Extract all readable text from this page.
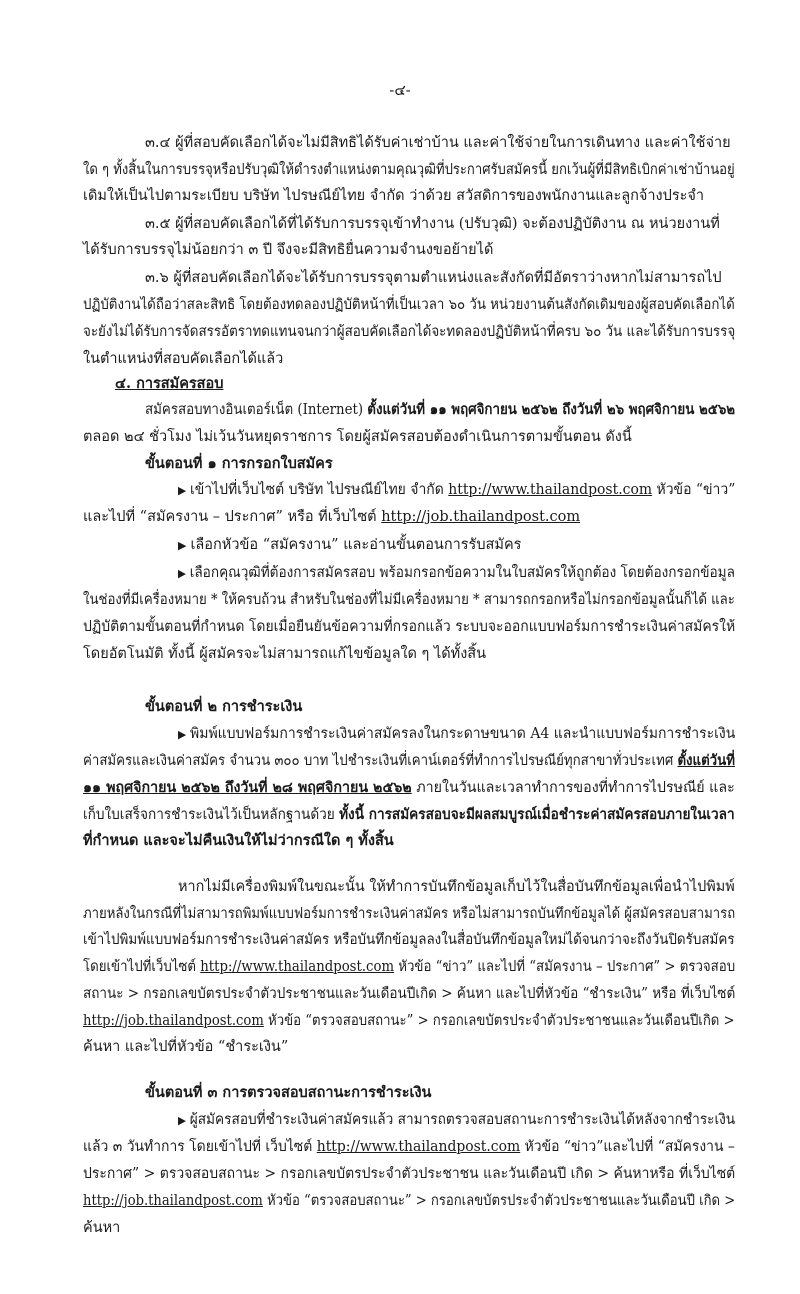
-๔-
๓.๔ ผู้ที่สอบคัดเลือกได้จะไม่มีสิทธิได้รับค่าเช่าบ้าน และค่าใช้จ่ายในการเดินทาง และค่าใช้จ่าย
ใด ๆ ทั้งสิ้นในการบรรจุหรือปรับวุฒิให้ดำรงตำแหน่งตามคุณวุฒิที่ประกาศรับสมัครนี้ ยกเว้นผู้ที่มีสิทธิเบิกค่าเช่าบ้านอยู่
เดิมให้เป็นไปตามระเบียบ บริษัท ไปรษณีย์ไทย จำกัด ว่าด้วย สวัสดิการของพนักงานและลูกจ้างประจำ
๓.๕ ผู้ที่สอบคัดเลือกได้ที่ได้รับการบรรจุเข้าทำงาน (ปรับวุฒิ) จะต้องปฏิบัติงาน ณ หน่วยงานที่
ได้รับการบรรจุไม่น้อยกว่า ๓ ปี จึงจะมีสิทธิยื่นความจำนงขอย้ายได้
๓.๖ ผู้ที่สอบคัดเลือกได้จะได้รับการบรรจุตามตำแหน่งและสังกัดที่มีอัตราว่างหากไม่สามารถไป
ปฏิบัติงานได้ถือว่าสละสิทธิ โดยต้องทดลองปฏิบัติหน้าที่เป็นเวลา ๖๐ วัน หน่วยงานต้นสังกัดเดิมของผู้สอบคัดเลือกได้
จะยังไม่ได้รับการจัดสรรอัตราทดแทนจนกว่าผู้สอบคัดเลือกได้จะทดลองปฏิบัติหน้าที่ครบ ๖๐ วัน และได้รับการบรรจุ
ในตำแหน่งที่สอบคัดเลือกได้แล้ว
๔. การสมัครสอบ
สมัครสอบทางอินเตอร์เน็ต (Internet) ตั้งแต่วันที่ ๑๑ พฤศจิกายน ๒๕๖๒ ถึงวันที่ ๒๖ พฤศจิกายน ๒๕๖๒
ตลอด ๒๔ ชั่วโมง ไม่เว้นวันหยุดราชการ โดยผู้สมัครสอบต้องดำเนินการตามขั้นตอน ดังนี้
ขั้นตอนที่ ๑ การกรอกใบสมัคร
▶ เข้าไปที่เว็บไซต์ บริษัท ไปรษณีย์ไทย จำกัด http://www.thailandpost.com หัวข้อ “ข่าว”
และไปที่ “สมัครงาน – ประกาศ” หรือ ที่เว็บไซต์ http://job.thailandpost.com
▶ เลือกหัวข้อ “สมัครงาน” และอ่านขั้นตอนการรับสมัคร
▶ เลือกคุณวุฒิที่ต้องการสมัครสอบ พร้อมกรอกข้อความในใบสมัครให้ถูกต้อง โดยต้องกรอกข้อมูล
ในช่องที่มีเครื่องหมาย * ให้ครบถ้วน สำหรับในช่องที่ไม่มีเครื่องหมาย * สามารถกรอกหรือไม่กรอกข้อมูลนั้นก็ได้ และ
ปฏิบัติตามขั้นตอนที่กำหนด โดยเมื่อยืนยันข้อความที่กรอกแล้ว ระบบจะออกแบบฟอร์มการชำระเงินค่าสมัครให้
โดยอัตโนมัติ ทั้งนี้ ผู้สมัครจะไม่สามารถแก้ไขข้อมูลใด ๆ ได้ทั้งสิ้น
ขั้นตอนที่ ๒ การชำระเงิน
▶ พิมพ์แบบฟอร์มการชำระเงินค่าสมัครลงในกระดาษขนาด A4 และนำแบบฟอร์มการชำระเงิน
ค่าสมัครและเงินค่าสมัคร จำนวน ๓๐๐ บาท ไปชำระเงินที่เคาน์เตอร์ที่ทำการไปรษณีย์ทุกสาขาทั่วประเทศ ตั้งแต่วันที่
๑๑ พฤศจิกายน ๒๕๖๒ ถึงวันที่ ๒๘ พฤศจิกายน ๒๕๖๒ ภายในวันและเวลาทำการของที่ทำการไปรษณีย์ และ
เก็บใบเสร็จการชำระเงินไว้เป็นหลักฐานด้วย ทั้งนี้ การสมัครสอบจะมีผลสมบูรณ์เมื่อชำระค่าสมัครสอบภายในเวลา
ที่กำหนด และจะไม่คืนเงินให้ไม่ว่ากรณีใด ๆ ทั้งสิ้น
หากไม่มีเครื่องพิมพ์ในขณะนั้น ให้ทำการบันทึกข้อมูลเก็บไว้ในสื่อบันทึกข้อมูลเพื่อนำไปพิมพ์
ภายหลังในกรณีที่ไม่สามารถพิมพ์แบบฟอร์มการชำระเงินค่าสมัคร หรือไม่สามารถบันทึกข้อมูลได้ ผู้สมัครสอบสามารถ
เข้าไปพิมพ์แบบฟอร์มการชำระเงินค่าสมัคร หรือบันทึกข้อมูลลงในสื่อบันทึกข้อมูลใหม่ได้จนกว่าจะถึงวันปิดรับสมัคร
โดยเข้าไปที่เว็บไซต์ http://www.thailandpost.com หัวข้อ “ข่าว” และไปที่ “สมัครงาน – ประกาศ” > ตรวจสอบ
สถานะ > กรอกเลขบัตรประจำตัวประชาชนและวันเดือนปีเกิด > ค้นหา และไปที่หัวข้อ “ชำระเงิน” หรือ ที่เว็บไซต์
http://job.thailandpost.com หัวข้อ “ตรวจสอบสถานะ” > กรอกเลขบัตรประจำตัวประชาชนและวันเดือนปีเกิด >
ค้นหา และไปที่หัวข้อ “ชำระเงิน”
ขั้นตอนที่ ๓ การตรวจสอบสถานะการชำระเงิน
▶ ผู้สมัครสอบที่ชำระเงินค่าสมัครแล้ว สามารถตรวจสอบสถานะการชำระเงินได้หลังจากชำระเงิน
แล้ว ๓ วันทำการ โดยเข้าไปที่ เว็บไซต์ http://www.thailandpost.com หัวข้อ “ข่าว”และไปที่ “สมัครงาน –
ประกาศ” > ตรวจสอบสถานะ > กรอกเลขบัตรประจำตัวประชาชน และวันเดือนปี เกิด > ค้นหาหรือ ที่เว็บไซต์
http://job.thailandpost.com หัวข้อ “ตรวจสอบสถานะ” > กรอกเลขบัตรประจำตัวประชาชนและวันเดือนปี เกิด >
ค้นหา
